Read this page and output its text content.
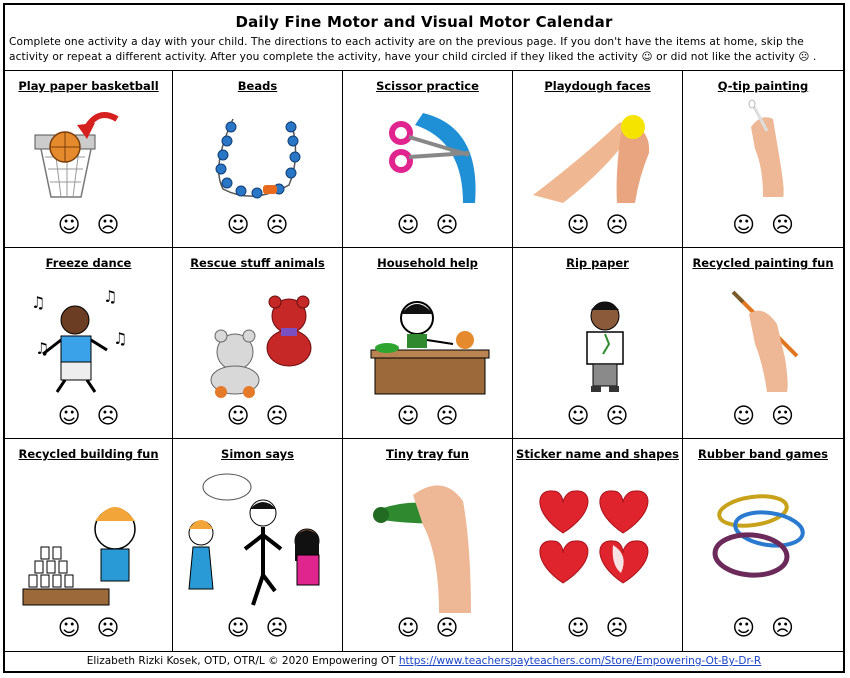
Daily Fine Motor and Visual Motor Calendar
Complete one activity a day with your child. The directions to each activity are on the previous page. If you don't have the items at home, skip the activity or repeat a different activity. After you complete the activity, have your child circled if they liked the activity ☺ or did not like the activity ☹ .
Play paper basketball
☺ ☹
Beads
☺ ☹
Scissor practice
☺ ☹
Playdough faces
☺ ☹
Q-tip painting
☺ ☹
Freeze dance
♫	♫
♫
♫
☺ ☹
Rescue stuff animals
☺ ☹
Household help
☺ ☹
Rip paper
☺ ☹
Recycled painting fun
☺ ☹
Recycled building fun
☺ ☹
Simon says
☺ ☹
Tiny tray fun
☺ ☹
Sticker name and shapes
☺ ☹
Rubber band games
☺ ☹
Elizabeth Rizki Kosek, OTD, OTR/L © 2020 Empowering OT https://www.teacherspayteachers.com/Store/Empowering-Ot-By-Dr-R
